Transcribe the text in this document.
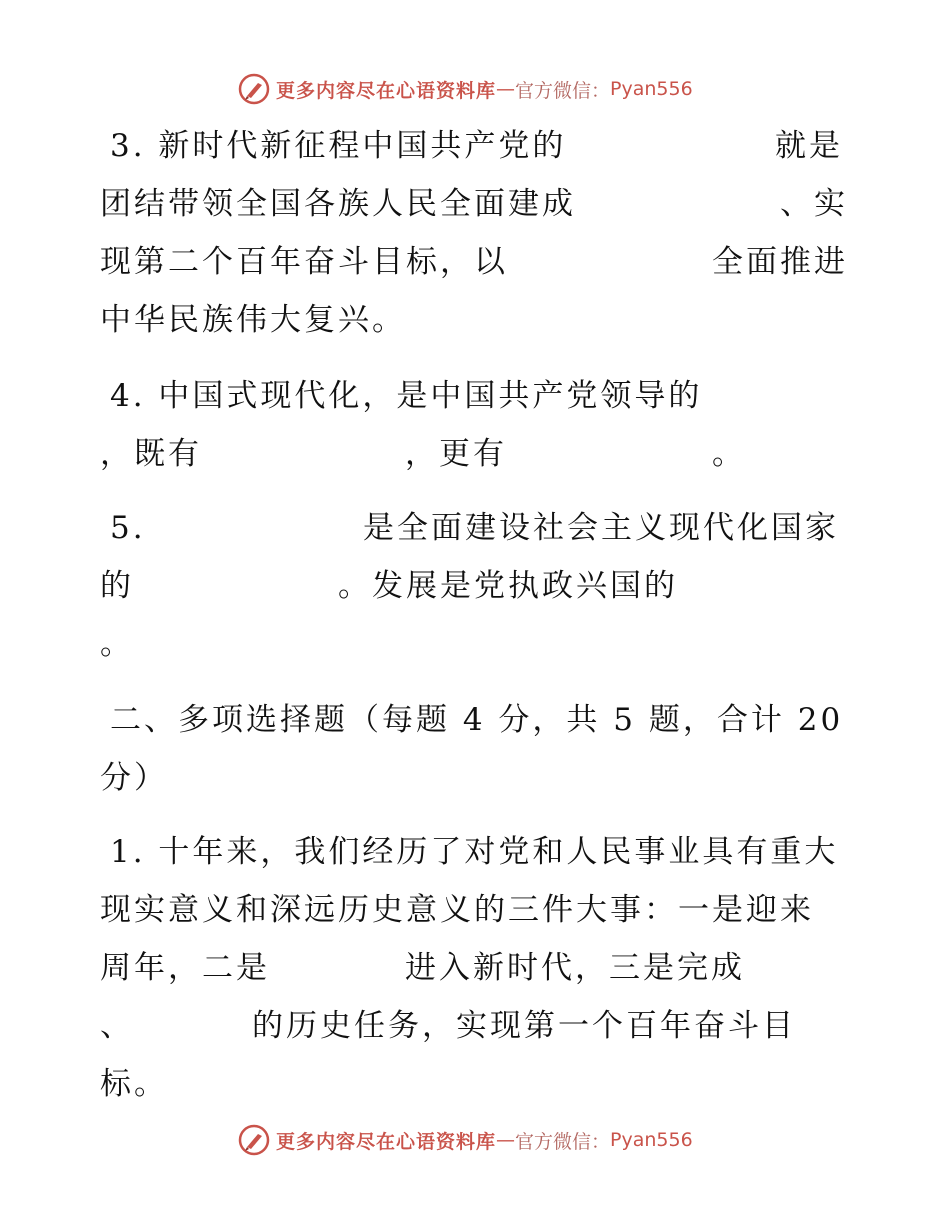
更多内容尽在心语资料库 — 官方微信： Pyan556
3. 新时代新征程中国共产党的	就是
团结带领全国各族人民全面建成	、实
现第二个百年奋斗目标，以	全面推进
中华民族伟大复兴。
4. 中国式现代化，是中国共产党领导的
，既有	，更有	。
5.	是全面建设社会主义现代化国家
的	。发展是党执政兴国的
。
二、多项选择题（每题 4 分，共 5 题，合计 20
分）
1. 十年来，我们经历了对党和人民事业具有重大
现实意义和深远历史意义的三件大事：一是迎来
周年，二是	进入新时代，三是完成
、	的历史任务，实现第一个百年奋斗目
标。
更多内容尽在心语资料库 — 官方微信： Pyan556
